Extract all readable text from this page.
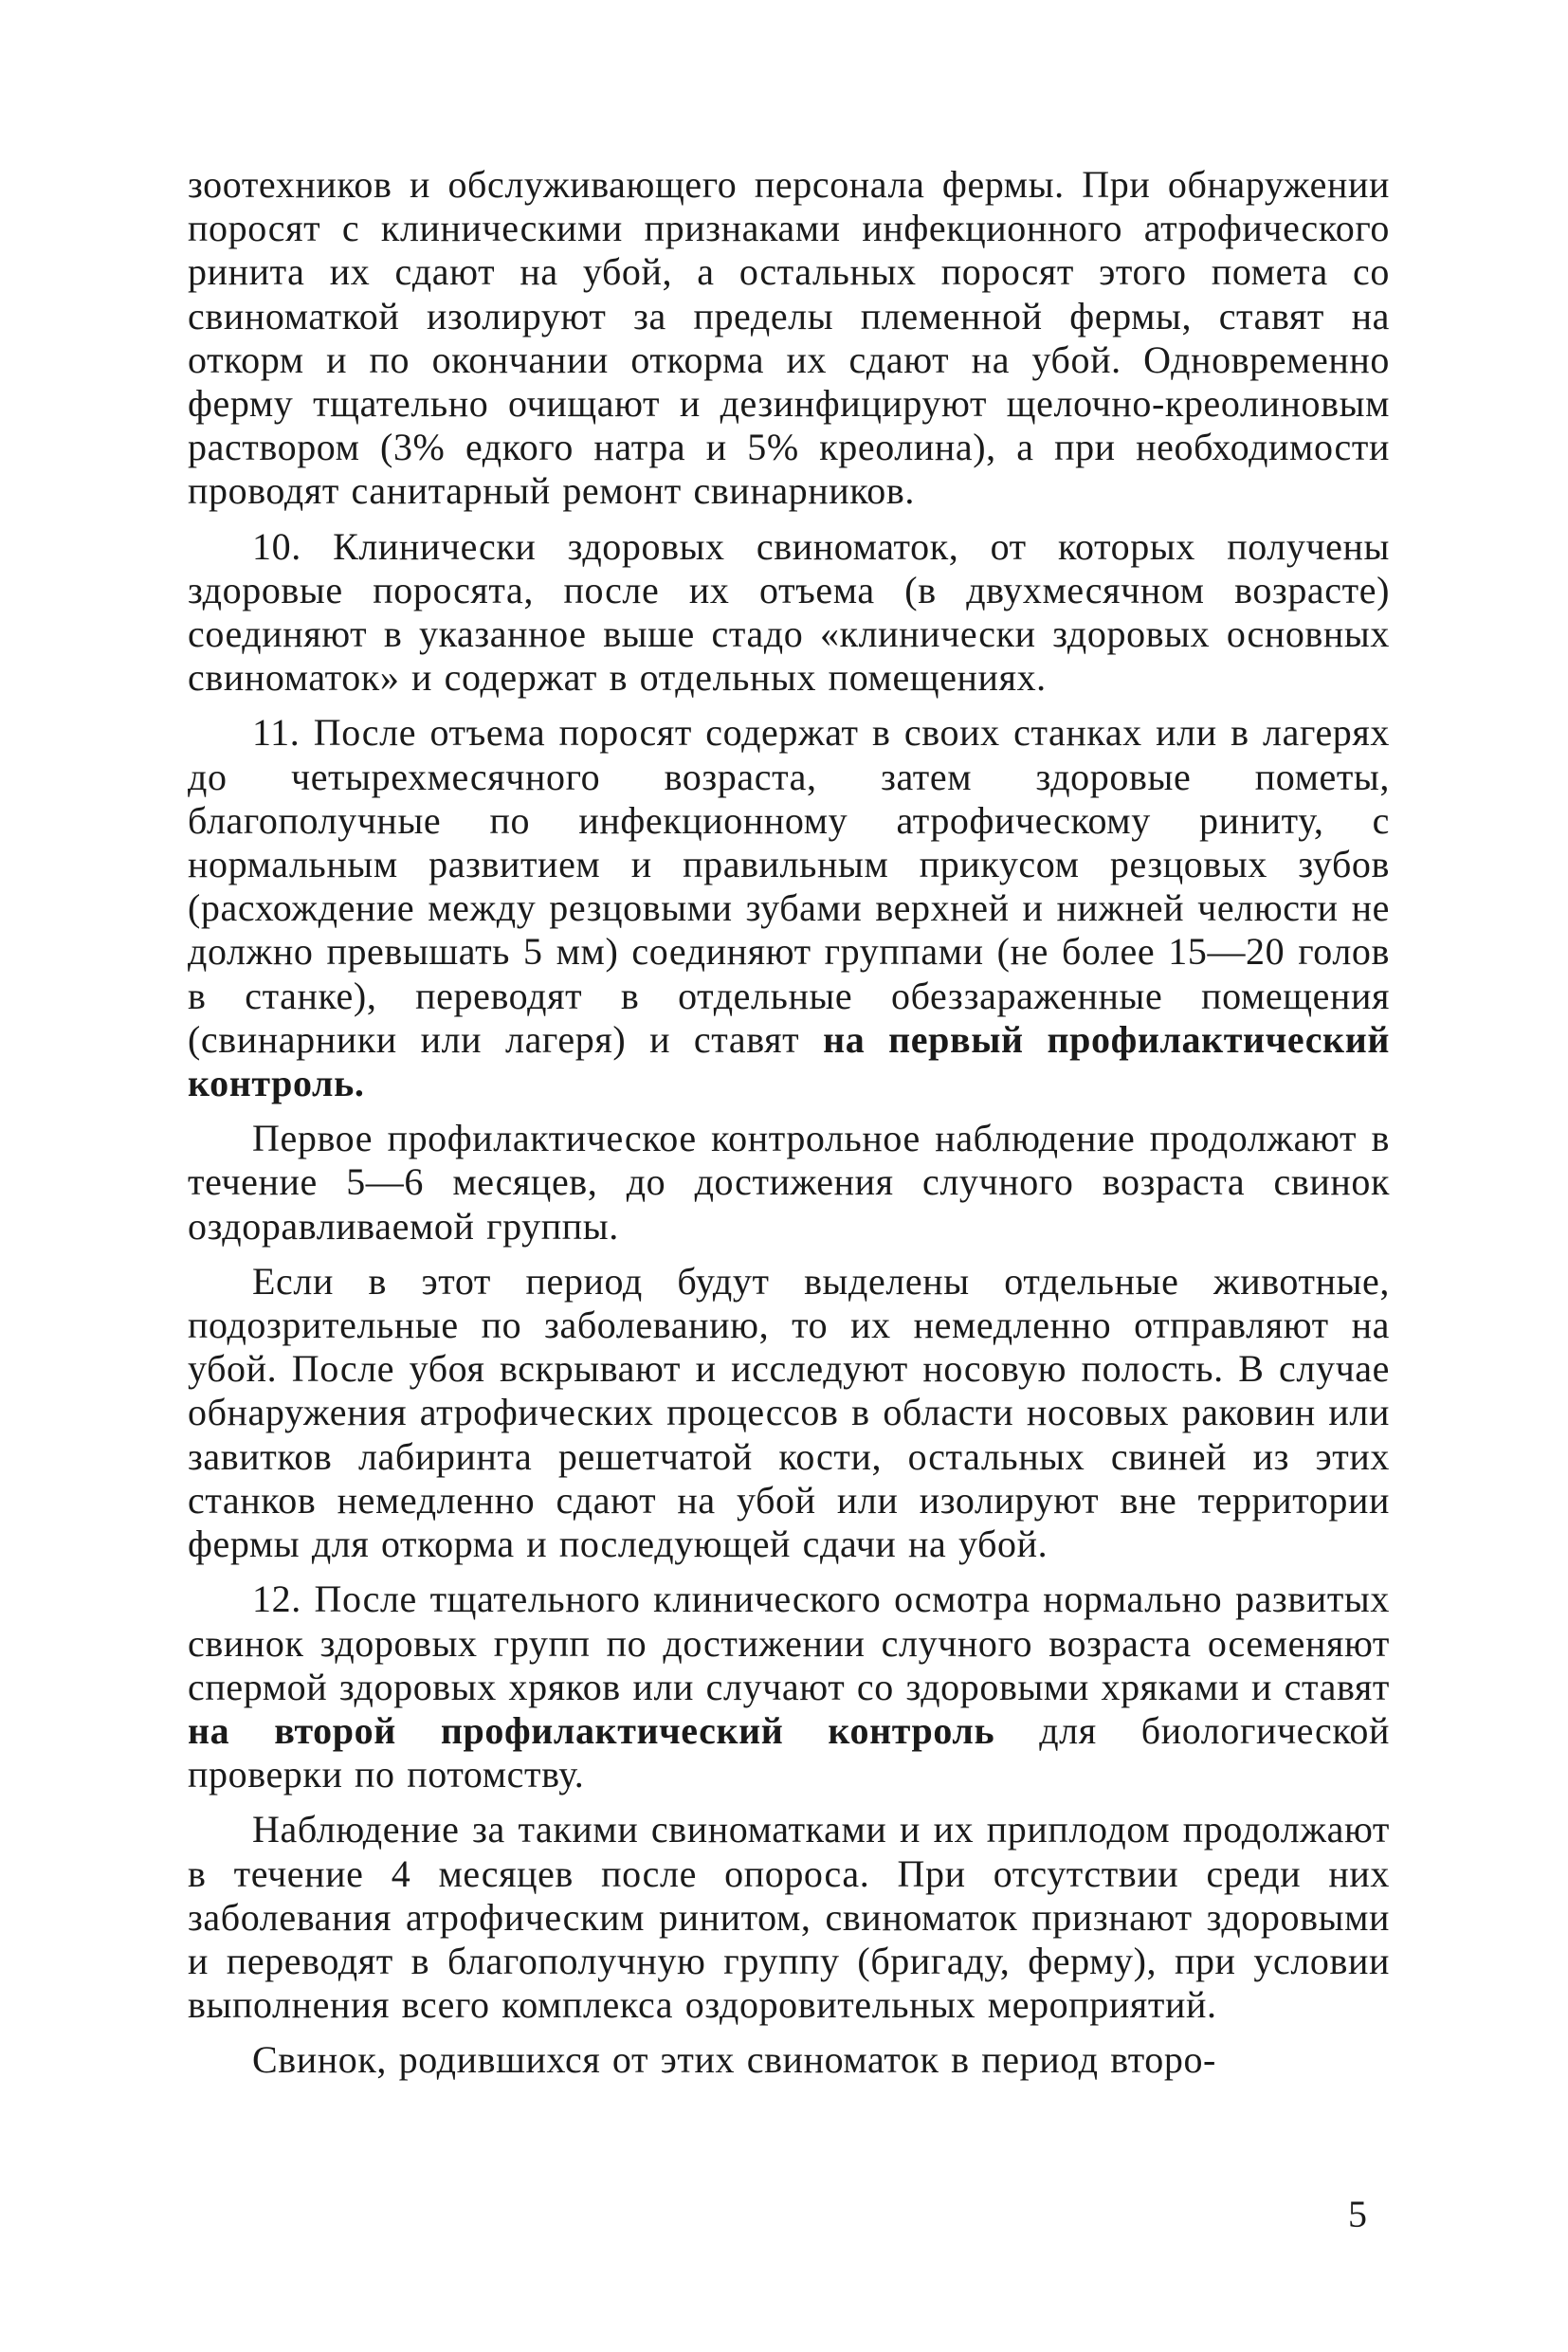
зоотехников и обслуживающего персонала фермы. При обнаружении поросят с клиническими признаками инфекционного атрофического ринита их сдают на убой, а остальных поросят этого помета со свиноматкой изолируют за пределы племенной фермы, ставят на откорм и по окончании откорма их сдают на убой. Одновременно ферму тщательно очищают и дезинфицируют щелочно-креолиновым раствором (3% едкого натра и 5% креолина), а при необходимости проводят санитарный ремонт свинарников.

10. Клинически здоровых свиноматок, от которых получены здоровые поросята, после их отъема (в двухмесячном возрасте) соединяют в указанное выше стадо «клинически здоровых основных свиноматок» и содержат в отдельных помещениях.

11. После отъема поросят содержат в своих станках или в лагерях до четырехмесячного возраста, затем здоровые пометы, благополучные по инфекционному атрофическому риниту, с нормальным развитием и правильным прикусом резцовых зубов (расхождение между резцовыми зубами верхней и нижней челюсти не должно превышать 5 мм) соединяют группами (не более 15—20 голов в станке), переводят в отдельные обеззараженные помещения (свинарники или лагеря) и ставят на первый профилактический контроль.

Первое профилактическое контрольное наблюдение продолжают в течение 5—6 месяцев, до достижения случного возраста свинок оздоравливаемой группы.

Если в этот период будут выделены отдельные животные, подозрительные по заболеванию, то их немедленно отправляют на убой. После убоя вскрывают и исследуют носовую полость. В случае обнаружения атрофических процессов в области носовых раковин или завитков лабиринта решетчатой кости, остальных свиней из этих станков немедленно сдают на убой или изолируют вне территории фермы для откорма и последующей сдачи на убой.

12. После тщательного клинического осмотра нормально развитых свинок здоровых групп по достижении случного возраста осеменяют спермой здоровых хряков или случают со здоровыми хряками и ставят на второй профилактический контроль для биологической проверки по потомству.

Наблюдение за такими свиноматками и их приплодом продолжают в течение 4 месяцев после опороса. При отсутствии среди них заболевания атрофическим ринитом, свиноматок признают здоровыми и переводят в благополучную группу (бригаду, ферму), при условии выполнения всего комплекса оздоровительных мероприятий.

Свинок, родившихся от этих свиноматок в период второ-

5
